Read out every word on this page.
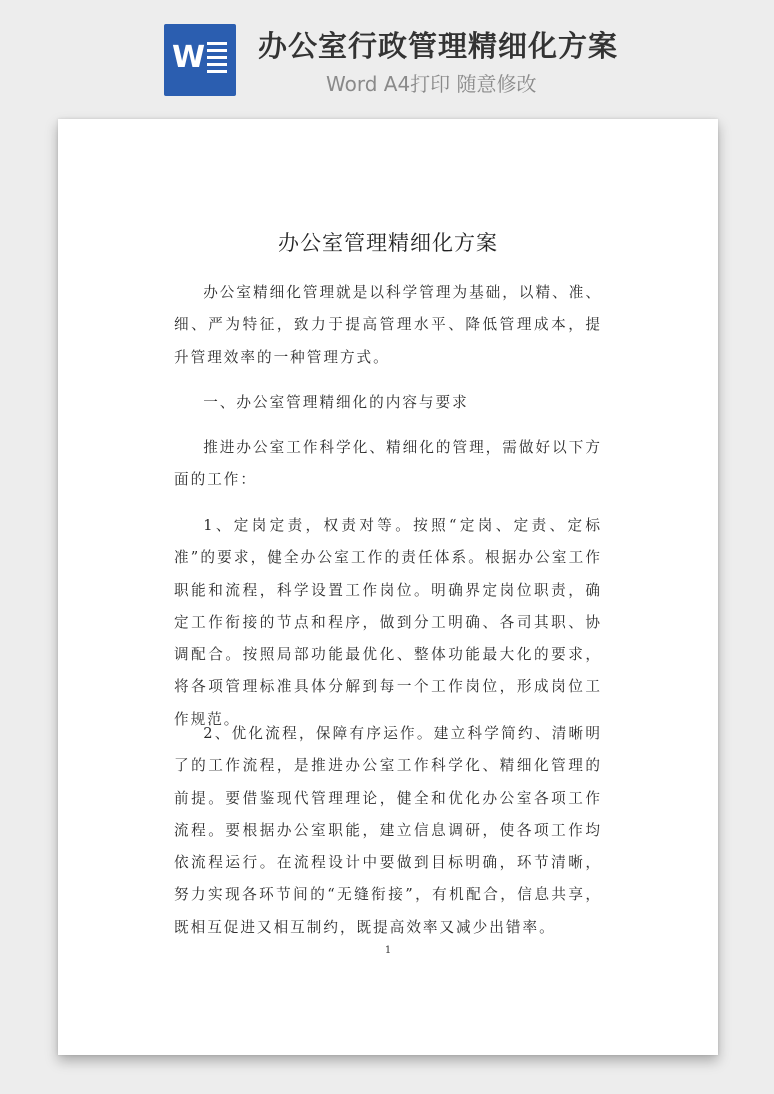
W 办公室行政管理精细化方案
Word A4打印 随意修改
办公室管理精细化方案

办公室精细化管理就是以科学管理为基础，以精、准、细、严为特征，致力于提高管理水平、降低管理成本，提升管理效率的一种管理方式。

一、办公室管理精细化的内容与要求

推进办公室工作科学化、精细化的管理，需做好以下方面的工作：

1、定岗定责，权责对等。按照“定岗、定责、定标准”的要求，健全办公室工作的责任体系。根据办公室工作职能和流程，科学设置工作岗位。明确界定岗位职责，确定工作衔接的节点和程序，做到分工明确、各司其职、协调配合。按照局部功能最优化、整体功能最大化的要求，将各项管理标准具体分解到每一个工作岗位，形成岗位工作规范。

2、优化流程，保障有序运作。建立科学简约、清晰明了的工作流程，是推进办公室工作科学化、精细化管理的前提。要借鉴现代管理理论，健全和优化办公室各项工作流程。要根据办公室职能，建立信息调研，使各项工作均依流程运行。在流程设计中要做到目标明确，环节清晰，努力实现各环节间的“无缝衔接”，有机配合，信息共享，既相互促进又相互制约，既提高效率又减少出错率。

1
